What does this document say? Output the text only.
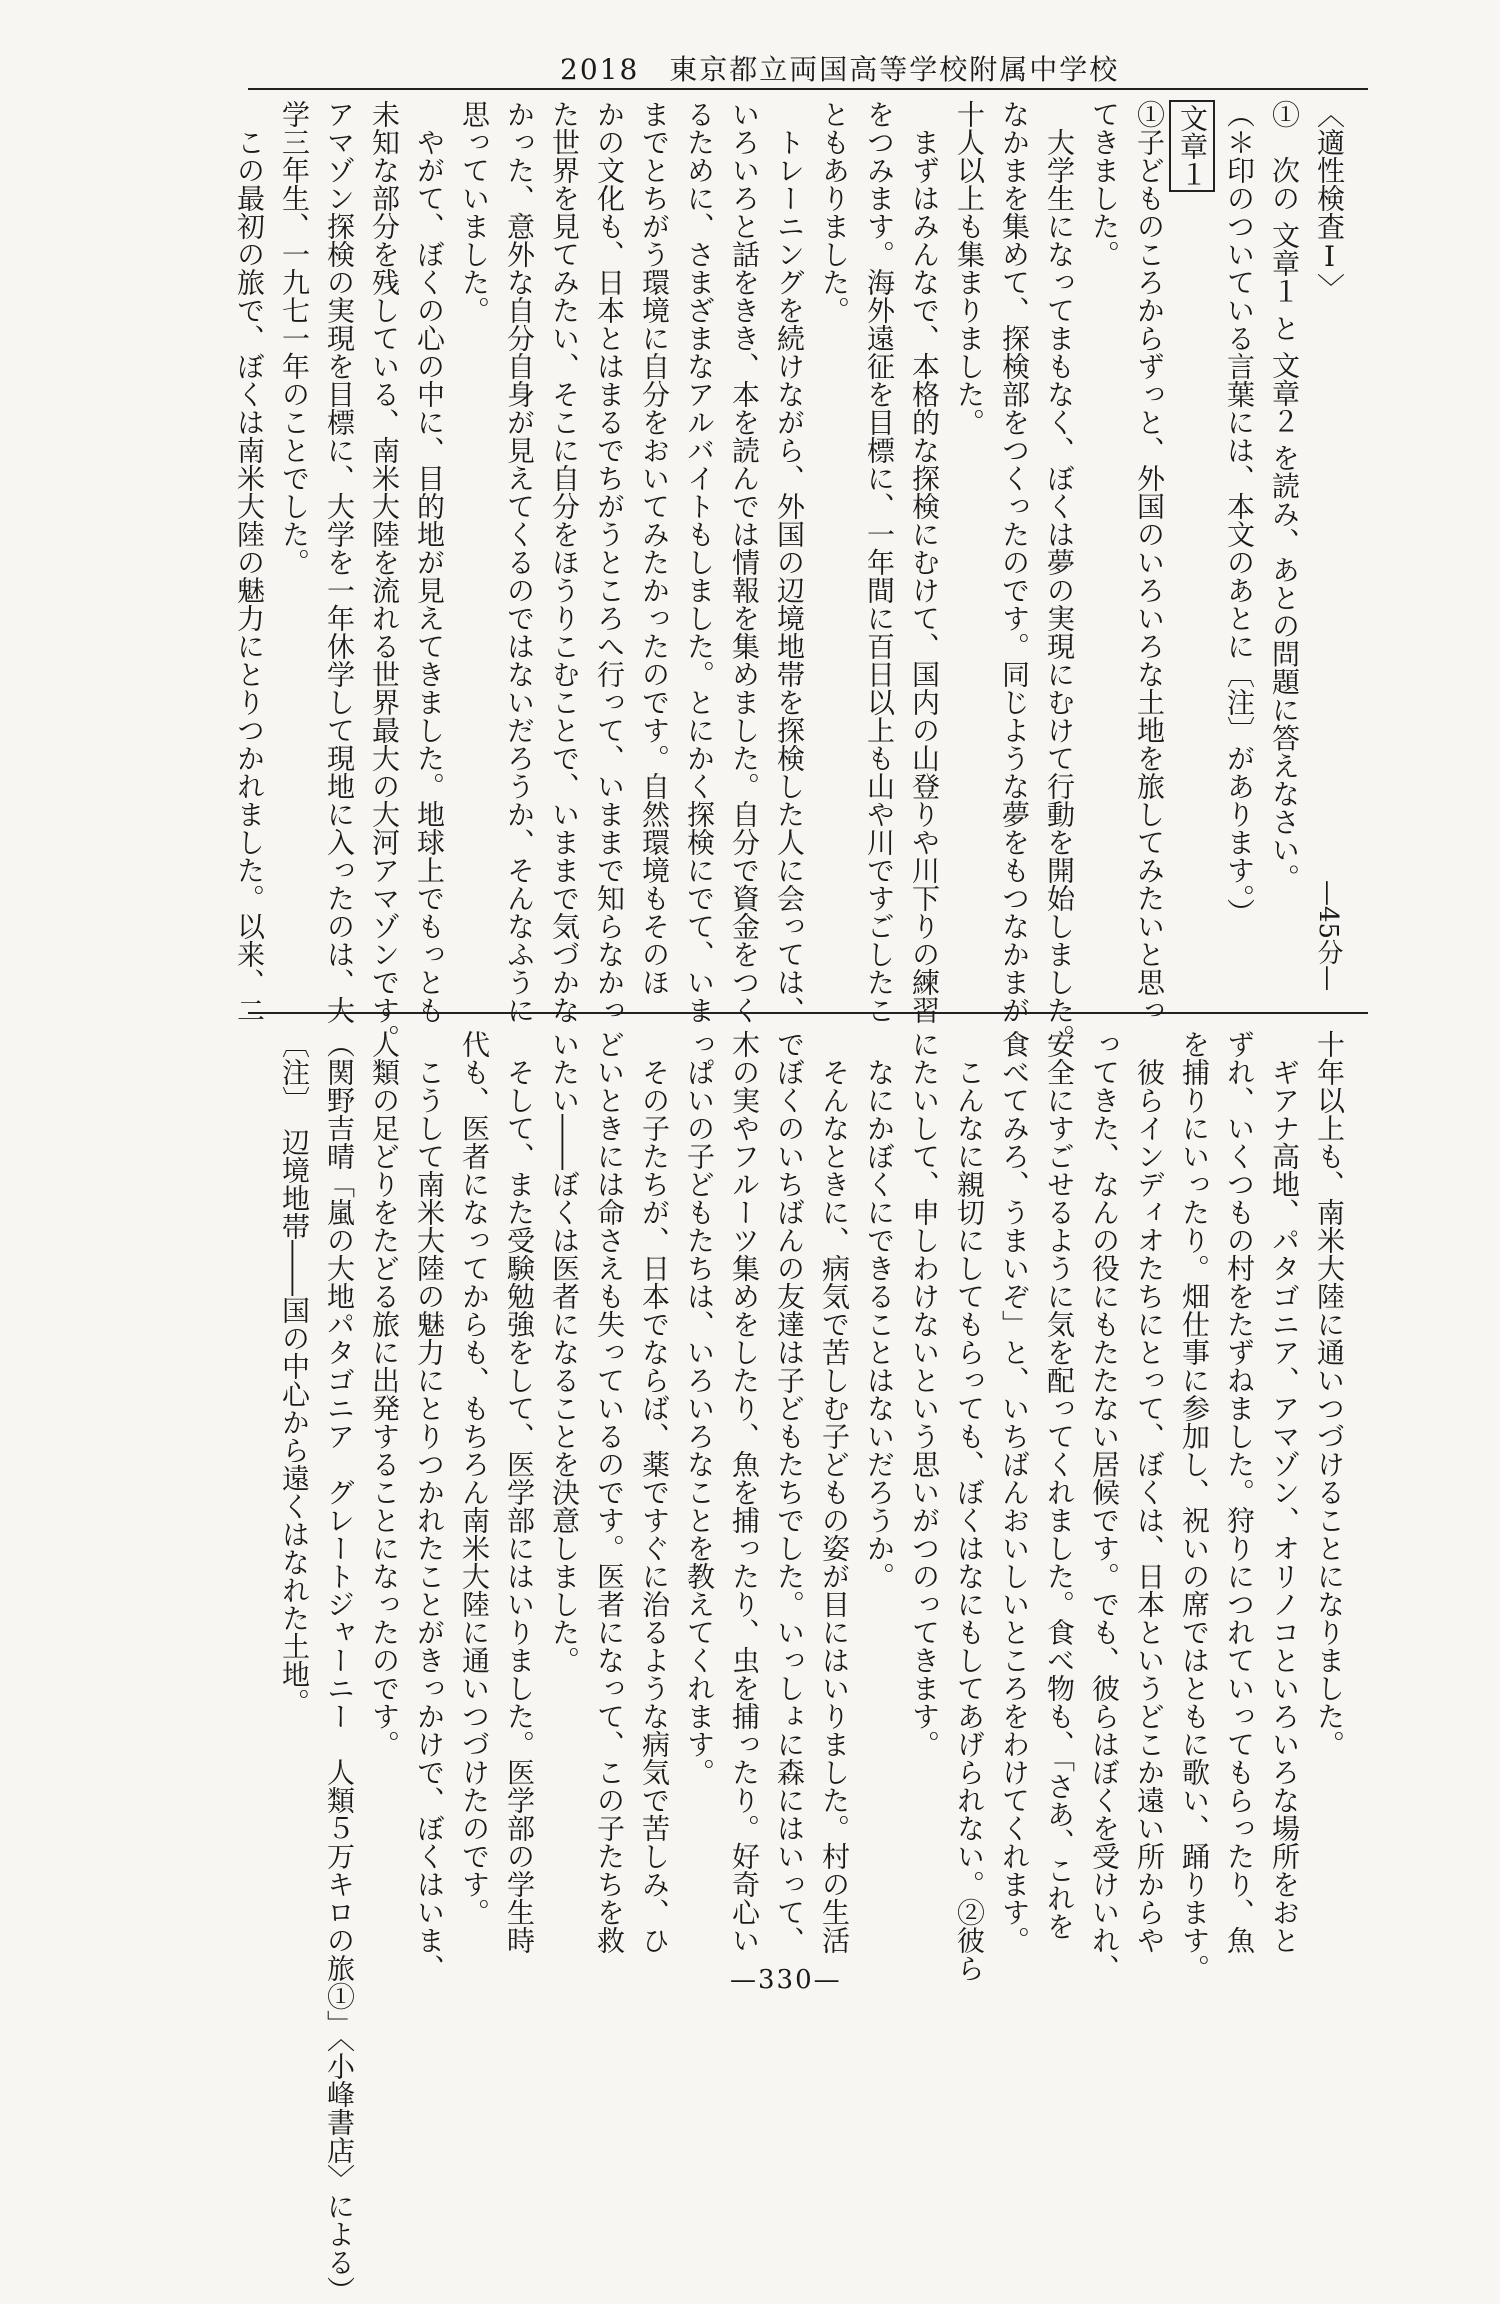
2018　東京都立両国高等学校附属中学校
—45分—
〈適性検査Ⅰ〉
①　次の 文章１ と 文章２ を読み、あとの問題に答えなさい。
（＊印のついている言葉には、本文のあとに〔注〕があります。）
文章１
①子どものころからずっと、外国のいろいろな土地を旅してみたいと思っ
てきました。
　大学生になってまもなく、ぼくは夢の実現にむけて行動を開始しました。
なかまを集めて、探検部をつくったのです。同じような夢をもつなかまが
十人以上も集まりました。
　まずはみんなで、本格的な探検にむけて、国内の山登りや川下りの練習
をつみます。海外遠征を目標に、一年間に百日以上も山や川ですごしたこ
ともありました。
　トレーニングを続けながら、外国の辺境地帯を探検した人に会っては、
いろいろと話をきき、本を読んでは情報を集めました。自分で資金をつく
るために、さまざまなアルバイトもしました。とにかく探検にでて、いま
までとちがう環境に自分をおいてみたかったのです。自然環境もそのほ
かの文化も、日本とはまるでちがうところへ行って、いままで知らなかっ
た世界を見てみたい、そこに自分をほうりこむことで、いままで気づかな
かった、意外な自分自身が見えてくるのではないだろうか、そんなふうに
思っていました。
　やがて、ぼくの心の中に、目的地が見えてきました。地球上でもっとも
未知な部分を残している、南米大陸を流れる世界最大の大河アマゾンです。
アマゾン探検の実現を目標に、大学を一年休学して現地に入ったのは、大
学三年生、一九七一年のことでした。
　この最初の旅で、ぼくは南米大陸の魅力にとりつかれました。以来、二
十年以上も、南米大陸に通いつづけることになりました。
　ギアナ高地、パタゴニア、アマゾン、オリノコといろいろな場所をおと
ずれ、いくつもの村をたずねました。狩りにつれていってもらったり、魚
を捕りにいったり。畑仕事に参加し、祝いの席ではともに歌い、踊ります。
　彼らインディオたちにとって、ぼくは、日本というどこか遠い所からや
ってきた、なんの役にもたたない居候です。でも、彼らはぼくを受けいれ、
安全にすごせるように気を配ってくれました。食べ物も、「さあ、これを
食べてみろ、うまいぞ」と、いちばんおいしいところをわけてくれます。
　こんなに親切にしてもらっても、ぼくはなにもしてあげられない。②彼ら
にたいして、申しわけないという思いがつのってきます。
　なにかぼくにできることはないだろうか。
　そんなときに、病気で苦しむ子どもの姿が目にはいりました。村の生活
でぼくのいちばんの友達は子どもたちでした。いっしょに森にはいって、
木の実やフルーツ集めをしたり、魚を捕ったり、虫を捕ったり。好奇心い
っぱいの子どもたちは、いろいろなことを教えてくれます。
　その子たちが、日本でならば、薬ですぐに治るような病気で苦しみ、ひ
どいときには命さえも失っているのです。医者になって、この子たちを救
いたい――ぼくは医者になることを決意しました。
　そして、また受験勉強をして、医学部にはいりました。医学部の学生時
代も、医者になってからも、もちろん南米大陸に通いつづけたのです。
　こうして南米大陸の魅力にとりつかれたことがきっかけで、ぼくはいま、
人類の足どりをたどる旅に出発することになったのです。
（関野吉晴「嵐の大地パタゴニア　グレートジャーニー　人類５万キロの旅①」〈小峰書店〉による）
〔注〕　辺境地帯――国の中心から遠くはなれた土地。
—330—
